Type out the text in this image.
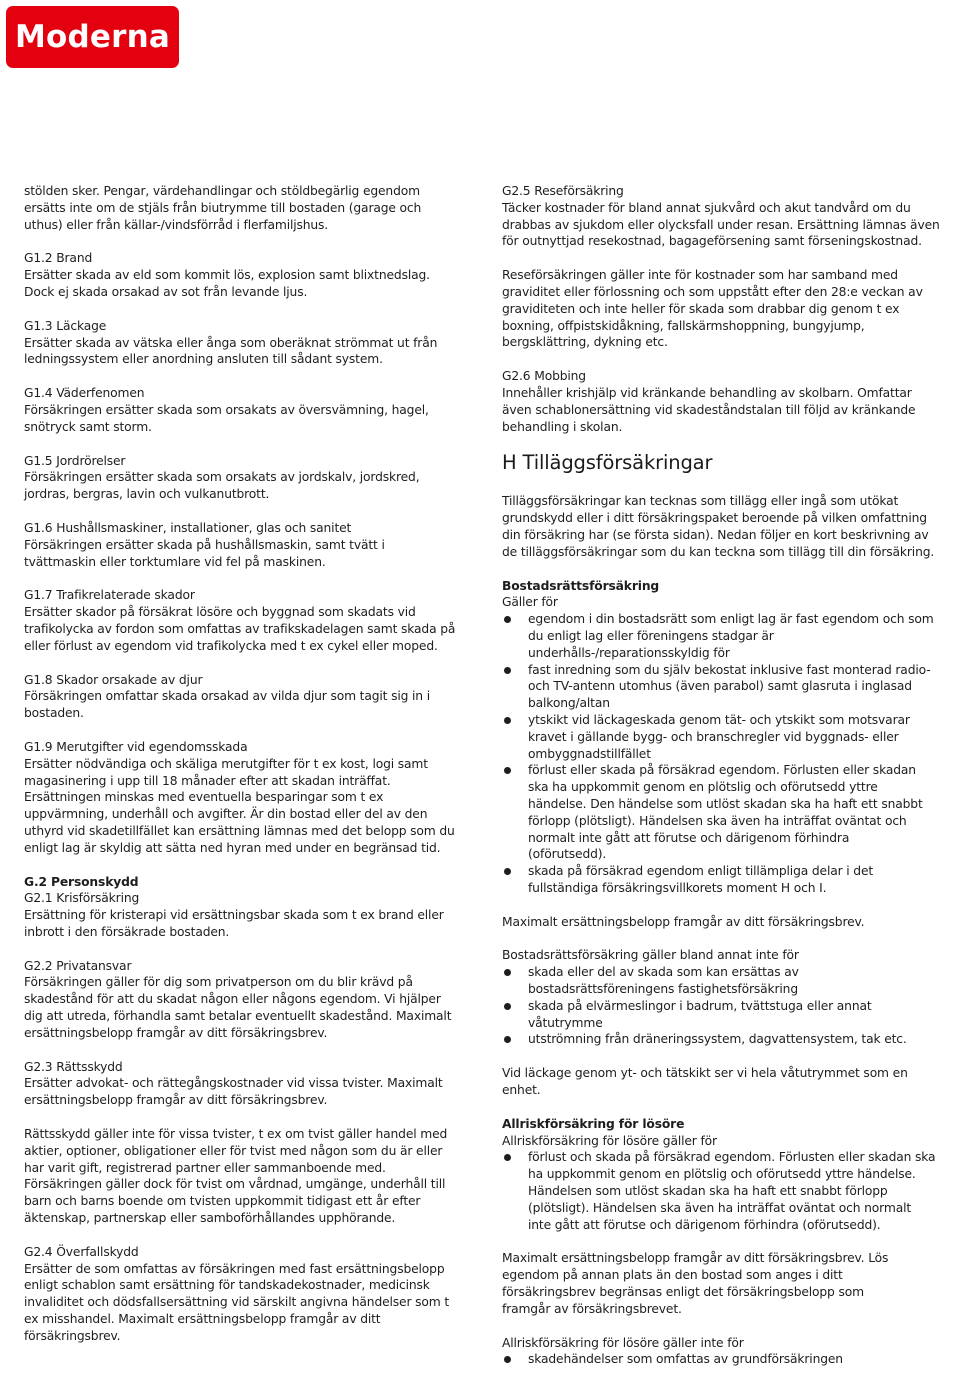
Moderna
stölden sker. Pengar, värdehandlingar och stöldbegärlig egendom
ersätts inte om de stjäls från biutrymme till bostaden (garage och
uthus) eller från källar-/vindsförråd i flerfamiljshus.
G1.2 Brand
Ersätter skada av eld som kommit lös, explosion samt blixtnedslag.
Dock ej skada orsakad av sot från levande ljus.
G1.3 Läckage
Ersätter skada av vätska eller ånga som oberäknat strömmat ut från
ledningssystem eller anordning ansluten till sådant system.
G1.4 Väderfenomen
Försäkringen ersätter skada som orsakats av översvämning, hagel,
snötryck samt storm.
G1.5 Jordrörelser
Försäkringen ersätter skada som orsakats av jordskalv, jordskred,
jordras, bergras, lavin och vulkanutbrott.
G1.6 Hushållsmaskiner, installationer, glas och sanitet
Försäkringen ersätter skada på hushållsmaskin, samt tvätt i
tvättmaskin eller torktumlare vid fel på maskinen.
G1.7 Trafikrelaterade skador
Ersätter skador på försäkrat lösöre och byggnad som skadats vid
trafikolycka av fordon som omfattas av trafikskadelagen samt skada på
eller förlust av egendom vid trafikolycka med t ex cykel eller moped.
G1.8 Skador orsakade av djur
Försäkringen omfattar skada orsakad av vilda djur som tagit sig in i
bostaden.
G1.9 Merutgifter vid egendomsskada
Ersätter nödvändiga och skäliga merutgifter för t ex kost, logi samt
magasinering i upp till 18 månader efter att skadan inträffat.
Ersättningen minskas med eventuella besparingar som t ex
uppvärmning, underhåll och avgifter. Är din bostad eller del av den
uthyrd vid skadetillfället kan ersättning lämnas med det belopp som du
enligt lag är skyldig att sätta ned hyran med under en begränsad tid.
G.2 Personskydd
G2.1 Krisförsäkring
Ersättning för kristerapi vid ersättningsbar skada som t ex brand eller
inbrott i den försäkrade bostaden.
G2.2 Privatansvar
Försäkringen gäller för dig som privatperson om du blir krävd på
skadestånd för att du skadat någon eller någons egendom. Vi hjälper
dig att utreda, förhandla samt betalar eventuellt skadestånd. Maximalt
ersättningsbelopp framgår av ditt försäkringsbrev.
G2.3 Rättsskydd
Ersätter advokat- och rättegångskostnader vid vissa tvister. Maximalt
ersättningsbelopp framgår av ditt försäkringsbrev.
Rättsskydd gäller inte för vissa tvister, t ex om tvist gäller handel med
aktier, optioner, obligationer eller för tvist med någon som du är eller
har varit gift, registrerad partner eller sammanboende med.
Försäkringen gäller dock för tvist om vårdnad, umgänge, underhåll till
barn och barns boende om tvisten uppkommit tidigast ett år efter
äktenskap, partnerskap eller samboförhållandes upphörande.
G2.4 Överfallskydd
Ersätter de som omfattas av försäkringen med fast ersättningsbelopp
enligt schablon samt ersättning för tandskadekostnader, medicinsk
invaliditet och dödsfallsersättning vid särskilt angivna händelser som t
ex misshandel. Maximalt ersättningsbelopp framgår av ditt
försäkringsbrev.
G2.5 Reseförsäkring
Täcker kostnader för bland annat sjukvård och akut tandvård om du
drabbas av sjukdom eller olycksfall under resan. Ersättning lämnas även
för outnyttjad resekostnad, bagageförsening samt förseningskostnad.
Reseförsäkringen gäller inte för kostnader som har samband med
graviditet eller förlossning och som uppstått efter den 28:e veckan av
graviditeten och inte heller för skada som drabbar dig genom t ex
boxning, offpistskidåkning, fallskärmshoppning, bungyjump,
bergsklättring, dykning etc.
G2.6 Mobbing
Innehåller krishjälp vid kränkande behandling av skolbarn. Omfattar
även schablonersättning vid skadeståndstalan till följd av kränkande
behandling i skolan.
H Tilläggsförsäkringar
Tilläggsförsäkringar kan tecknas som tillägg eller ingå som utökat
grundskydd eller i ditt försäkringspaket beroende på vilken omfattning
din försäkring har (se första sidan). Nedan följer en kort beskrivning av
de tilläggsförsäkringar som du kan teckna som tillägg till din försäkring.
Bostadsrättsförsäkring
Gäller för
egendom i din bostadsrätt som enligt lag är fast egendom och som
du enligt lag eller föreningens stadgar är
underhålls-/reparationsskyldig för
fast inredning som du själv bekostat inklusive fast monterad radio-
och TV-antenn utomhus (även parabol) samt glasruta i inglasad
balkong/altan
ytskikt vid läckageskada genom tät- och ytskikt som motsvarar
kravet i gällande bygg- och branschregler vid byggnads- eller
ombyggnadstillfället
förlust eller skada på försäkrad egendom. Förlusten eller skadan
ska ha uppkommit genom en plötslig och oförutsedd yttre
händelse. Den händelse som utlöst skadan ska ha haft ett snabbt
förlopp (plötsligt). Händelsen ska även ha inträffat oväntat och
normalt inte gått att förutse och därigenom förhindra
(oförutsedd).
skada på försäkrad egendom enligt tillämpliga delar i det
fullständiga försäkringsvillkorets moment H och I.
Maximalt ersättningsbelopp framgår av ditt försäkringsbrev.
Bostadsrättsförsäkring gäller bland annat inte för
skada eller del av skada som kan ersättas av
bostadsrättsföreningens fastighetsförsäkring
skada på elvärmeslingor i badrum, tvättstuga eller annat
våtutrymme
utströmning från dräneringssystem, dagvattensystem, tak etc.
Vid läckage genom yt- och tätskikt ser vi hela våtutrymmet som en
enhet.
Allriskförsäkring för lösöre
Allriskförsäkring för lösöre gäller för
förlust och skada på försäkrad egendom. Förlusten eller skadan ska
ha uppkommit genom en plötslig och oförutsedd yttre händelse.
Händelsen som utlöst skadan ska ha haft ett snabbt förlopp
(plötsligt). Händelsen ska även ha inträffat oväntat och normalt
inte gått att förutse och därigenom förhindra (oförutsedd).
Maximalt ersättningsbelopp framgår av ditt försäkringsbrev. Lös
egendom på annan plats än den bostad som anges i ditt
försäkringsbrev begränsas enligt det försäkringsbelopp som
framgår av försäkringsbrevet.
Allriskförsäkring för lösöre gäller inte för
skadehändelser som omfattas av grundförsäkringen
